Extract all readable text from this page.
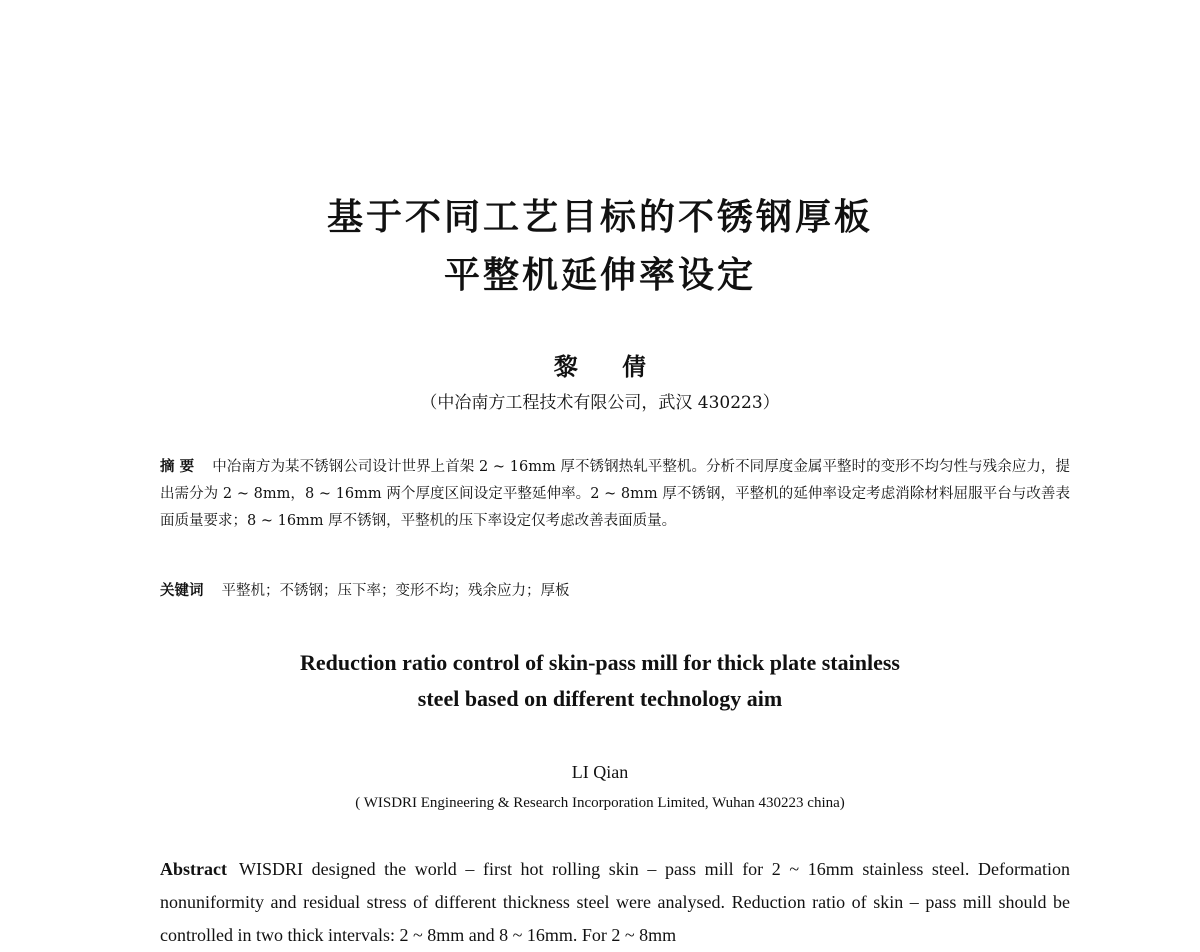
基于不同工艺目标的不锈钢厚板
平整机延伸率设定
黎 倩
（中冶南方工程技术有限公司，武汉 430223）

摘 要 中冶南方为某不锈钢公司设计世界上首架 2 ~ 16mm 厚不锈钢热轧平整机。分析不同厚度金属平整时的变形不均匀性与残余应力，提出需分为 2 ~ 8mm，8 ~ 16mm 两个厚度区间设定平整延伸率。2 ~ 8mm 厚不锈钢，平整机的延伸率设定考虑消除材料屈服平台与改善表面质量要求；8 ~ 16mm 厚不锈钢，平整机的压下率设定仅考虑改善表面质量。

关键词 平整机；不锈钢；压下率；变形不均；残余应力；厚板

Reduction ratio control of skin-pass mill for thick plate stainless
steel based on different technology aim
LI Qian
( WISDRI Engineering & Research Incorporation Limited, Wuhan 430223 china)

Abstract WISDRI designed the world – first hot rolling skin – pass mill for 2 ~ 16mm stainless steel. Deformation nonuniformity and residual stress of different thickness steel were analysed. Reduction ratio of skin – pass mill should be controlled in two thick intervals: 2 ~ 8mm and 8 ~ 16mm. For 2 ~ 8mm
